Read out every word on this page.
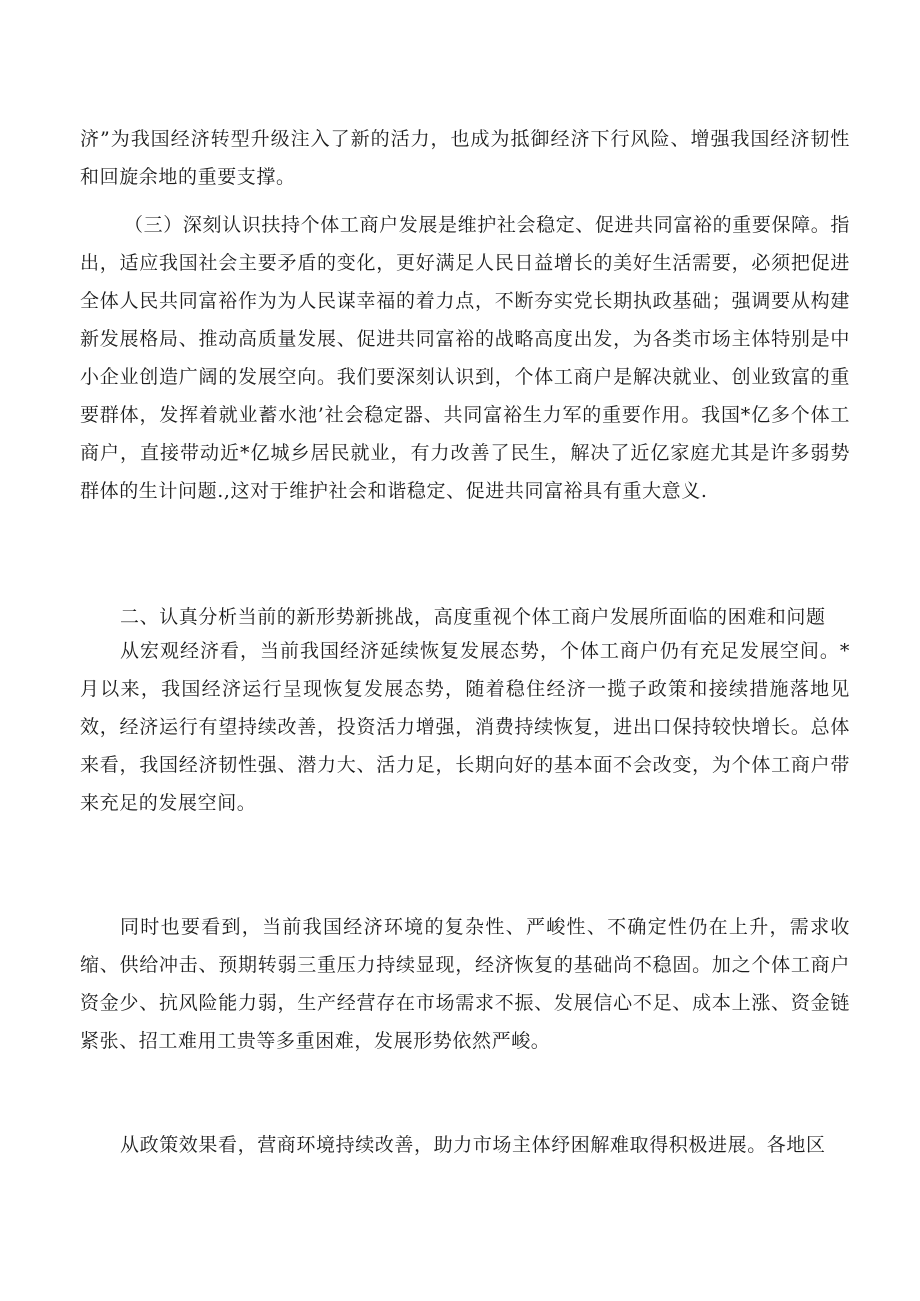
济”为我国经济转型升级注入了新的活力，也成为抵御经济下行风险、增强我国经济韧性和回旋余地的重要支撑。

（三）深刻认识扶持个体工商户发展是维护社会稳定、促进共同富裕的重要保障。指出，适应我国社会主要矛盾的变化，更好满足人民日益增长的美好生活需要，必须把促进全体人民共同富裕作为为人民谋幸福的着力点，不断夯实党长期执政基础；强调要从构建新发展格局、推动高质量发展、促进共同富裕的战略高度出发，为各类市场主体特别是中小企业创造广阔的发展空向。我们要深刻认识到，个体工商户是解决就业、创业致富的重要群体，发挥着就业蓄水池’社会稳定器、共同富裕生力军的重要作用。我国*亿多个体工商户，直接带动近*亿城乡居民就业，有力改善了民生，解决了近亿家庭尤其是许多弱势群体的生计问题.,这对于维护社会和谐稳定、促进共同富裕具有重大意义.

二、认真分析当前的新形势新挑战，高度重视个体工商户发展所面临的困难和问题

从宏观经济看，当前我国经济延续恢复发展态势，个体工商户仍有充足发展空间。*月以来，我国经济运行呈现恢复发展态势，随着稳住经济一揽子政策和接续措施落地见效，经济运行有望持续改善，投资活力增强，消费持续恢复，进出口保持较快增长。总体来看，我国经济韧性强、潜力大、活力足，长期向好的基本面不会改变，为个体工商户带来充足的发展空间。

同时也要看到，当前我国经济环境的复杂性、严峻性、不确定性仍在上升，需求收缩、供给冲击、预期转弱三重压力持续显现，经济恢复的基础尚不稳固。加之个体工商户资金少、抗风险能力弱，生产经营存在市场需求不振、发展信心不足、成本上涨、资金链紧张、招工难用工贵等多重困难，发展形势依然严峻。

从政策效果看，营商环境持续改善，助力市场主体纾困解难取得积极进展。各地区
